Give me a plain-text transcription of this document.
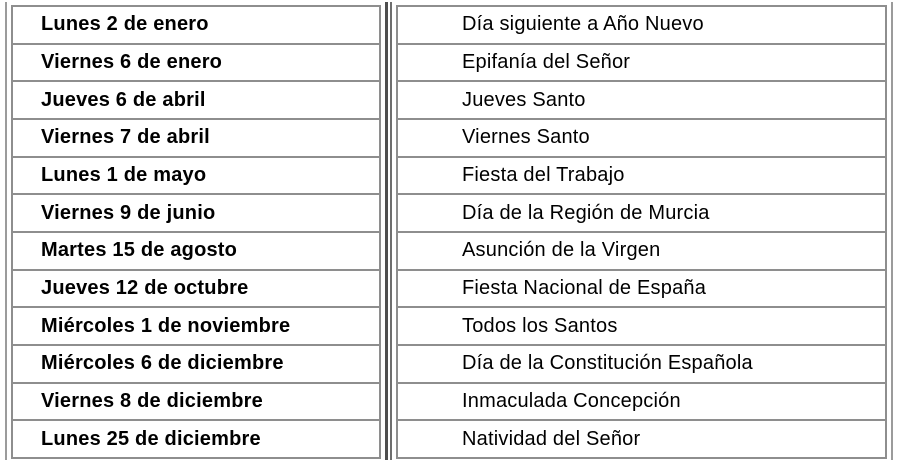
Lunes 2 de enero
Viernes 6 de enero
Jueves 6 de abril
Viernes 7 de abril
Lunes 1 de mayo
Viernes 9 de junio
Martes 15 de agosto
Jueves 12 de octubre
Miércoles 1 de noviembre
Miércoles 6 de diciembre
Viernes 8 de diciembre
Lunes 25 de diciembre
Día siguiente a Año Nuevo
Epifanía del Señor
Jueves Santo
Viernes Santo
Fiesta del Trabajo
Día de la Región de Murcia
Asunción de la Virgen
Fiesta Nacional de España
Todos los Santos
Día de la Constitución Española
Inmaculada Concepción
Natividad del Señor
